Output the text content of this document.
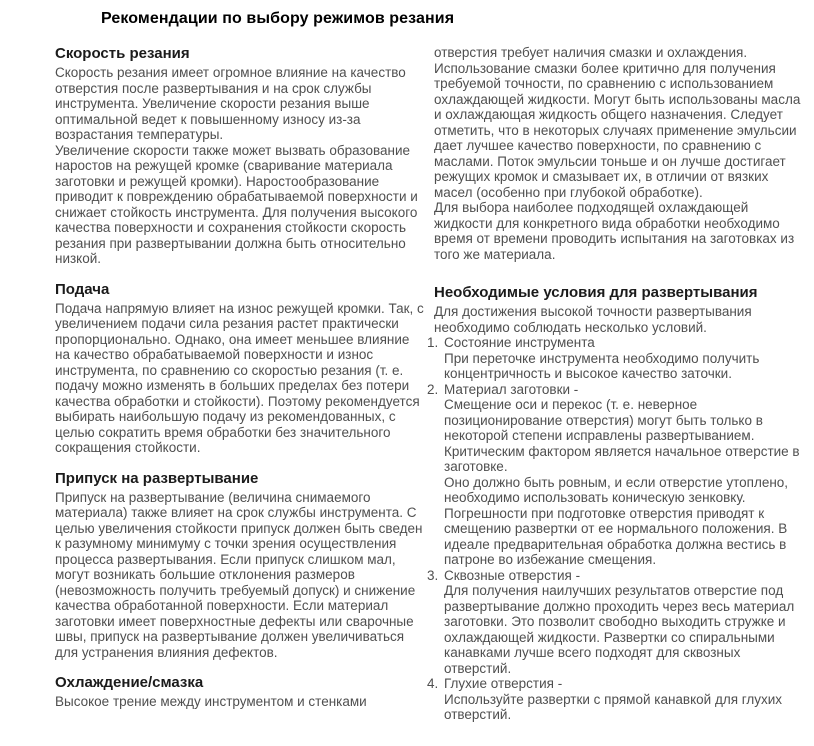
Рекомендации по выбору режимов резания
Скорость резания

Скорость резания имеет огромное влияние на качество отверстия после развертывания и на срок службы инструмента. Увеличение скорости резания выше оптимальной ведет к повышенному износу из-за возрастания температуры.

Увеличение скорости также может вызвать образование наростов на режущей кромке (сваривание материала заготовки и режущей кромки). Наростообразование приводит к повреждению обрабатываемой поверхности и снижает стойкость инструмента. Для получения высокого качества поверхности и сохранения стойкости скорость резания при развертывании должна быть относительно низкой.

Подача

Подача напрямую влияет на износ режущей кромки. Так, с увеличением подачи сила резания растет практически пропорционально. Однако, она имеет меньшее влияние на качество обрабатываемой поверхности и износ инструмента, по сравнению со скоростью резания (т. е. подачу можно изменять в больших пределах без потери качества обработки и стойкости). Поэтому рекомендуется выбирать наибольшую подачу из рекомендованных, с целью сократить время обработки без значительного сокращения стойкости.

Припуск на развертывание

Припуск на развертывание (величина снимаемого материала) также влияет на срок службы инструмента. С целью увеличения стойкости припуск должен быть сведен к разумному минимуму с точки зрения осуществления процесса развертывания. Если припуск слишком мал, могут возникать большие отклонения размеров (невозможность получить требуемый допуск) и снижение качества обработанной поверхности. Если материал заготовки имеет поверхностные дефекты или сварочные швы, припуск на развертывание должен увеличиваться для устранения влияния дефектов.

Охлаждение/смазка

Высокое трение между инструментом и стенками

отверстия требует наличия смазки и охлаждения. Использование смазки более критично для получения требуемой точности, по сравнению с использованием охлаждающей жидкости. Могут быть использованы масла и охлаждающая жидкость общего назначения. Следует отметить, что в некоторых случаях применение эмульсии дает лучшее качество поверхности, по сравнению с маслами. Поток эмульсии тоньше и он лучше достигает режущих кромок и смазывает их, в отличии от вязких масел (особенно при глубокой обработке).

Для выбора наиболее подходящей охлаждающей жидкости для конкретного вида обработки необходимо время от времени проводить испытания на заготовках из того же материала.

Необходимые условия для развертывания

Для достижения высокой точности развертывания необходимо соблюдать несколько условий.

1. Состояние инструмента

При переточке инструмента необходимо получить концентричность и высокое качество заточки.

2. Материал заготовки -

Смещение оси и перекос (т. е. неверное позиционирование отверстия) могут быть только в некоторой степени исправлены развертыванием. Критическим фактором является начальное отверстие в заготовке.

Оно должно быть ровным, и если отверстие утоплено, необходимо использовать коническую зенковку. Погрешности при подготовке отверстия приводят к смещению развертки от ее нормального положения. В идеале предварительная обработка должна вестись в патроне во избежание смещения.

3. Сквозные отверстия -

Для получения наилучших результатов отверстие под развертывание должно проходить через весь материал заготовки. Это позволит свободно выходить стружке и охлаждающей жидкости. Развертки со спиральными канавками лучше всего подходят для сквозных отверстий.

4. Глухие отверстия -

Используйте развертки с прямой канавкой для глухих отверстий.
